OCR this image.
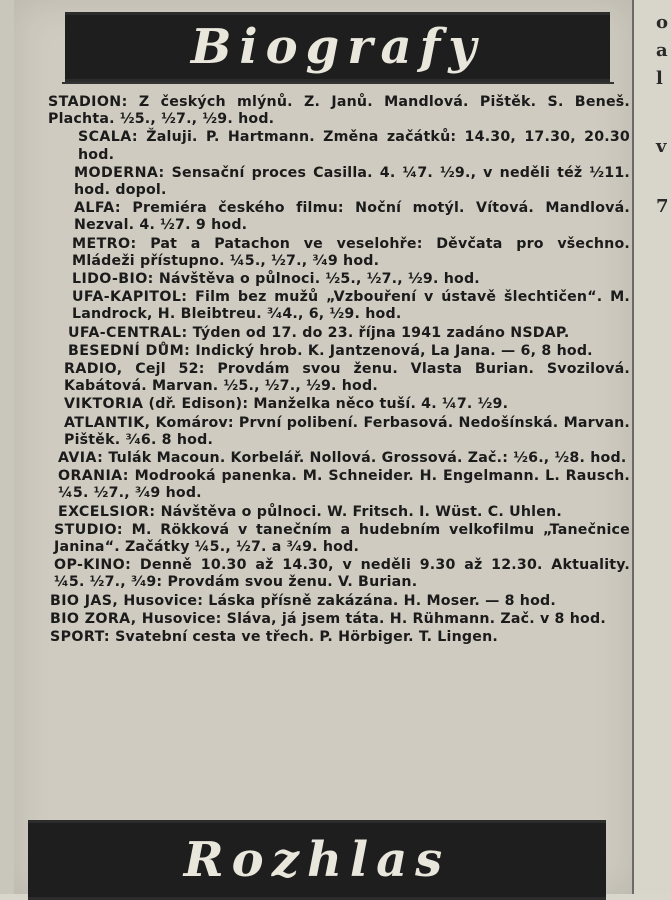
o
a
l
v
7
Biografy
STADION: Z českých mlýnů. Z. Janů. Mandlová. Pištěk. S. Beneš. Plachta. ½5., ½7., ½9. hod.
SCALA: Žaluji. P. Hartmann. Změna začátků: 14.30, 17.30, 20.30 hod.
MODERNA: Sensační proces Casilla. 4. ¼7. ½9., v neděli též ½11. hod. dopol.
ALFA: Premiéra českého filmu: Noční motýl. Vítová. Mandlová. Nezval. 4. ½7. 9 hod.
METRO: Pat a Patachon ve veselohře: Děvčata pro všechno. Mládeži přístupno. ¼5., ½7., ³⁄₄9 hod.
LIDO-BIO: Návštěva o půlnoci. ½5., ½7., ½9. hod.
UFA-KAPITOL: Film bez mužů „Vzbouření v ústavě šlechtičen“. M. Landrock, H. Bleibtreu. ³⁄₄4., 6, ½9. hod.
UFA-CENTRAL: Týden od 17. do 23. října 1941 zadáno NSDAP.
BESEDNÍ DŮM: Indický hrob. K. Jantzenová, La Jana. — 6, 8 hod.
RADIO, Cejl 52: Provdám svou ženu. Vlasta Burian. Svozilová. Kabátová. Marvan. ½5., ½7., ½9. hod.
VIKTORIA (dř. Edison): Manželka něco tuší. 4. ¼7. ½9.
ATLANTIK, Komárov: První polibení. Ferbasová. Nedošínská. Marvan. Pištěk. ³⁄₄6. 8 hod.
AVIA: Tulák Macoun. Korbelář. Nollová. Grossová. Zač.: ½6., ½8. hod.
ORANIA: Modrooká panenka. M. Schneider. H. Engelmann. L. Rausch. ¼5. ½7., ³⁄₄9 hod.
EXCELSIOR: Návštěva o půlnoci. W. Fritsch. I. Wüst. C. Uhlen.
STUDIO: M. Rökková v tanečním a hudebním velkofilmu „Tanečnice Janina“. Začátky ¼5., ½7. a ³⁄₄9. hod.
OP-KINO: Denně 10.30 až 14.30, v neděli 9.30 až 12.30. Aktuality. ¼5. ½7., ³⁄₄9: Provdám svou ženu. V. Burian.
BIO JAS, Husovice: Láska přísně zakázána. H. Moser. — 8 hod.
BIO ZORA, Husovice: Sláva, já jsem táta. H. Rühmann. Zač. v 8 hod.
SPORT: Svatební cesta ve třech. P. Hörbiger. T. Lingen.
Rozhlas
